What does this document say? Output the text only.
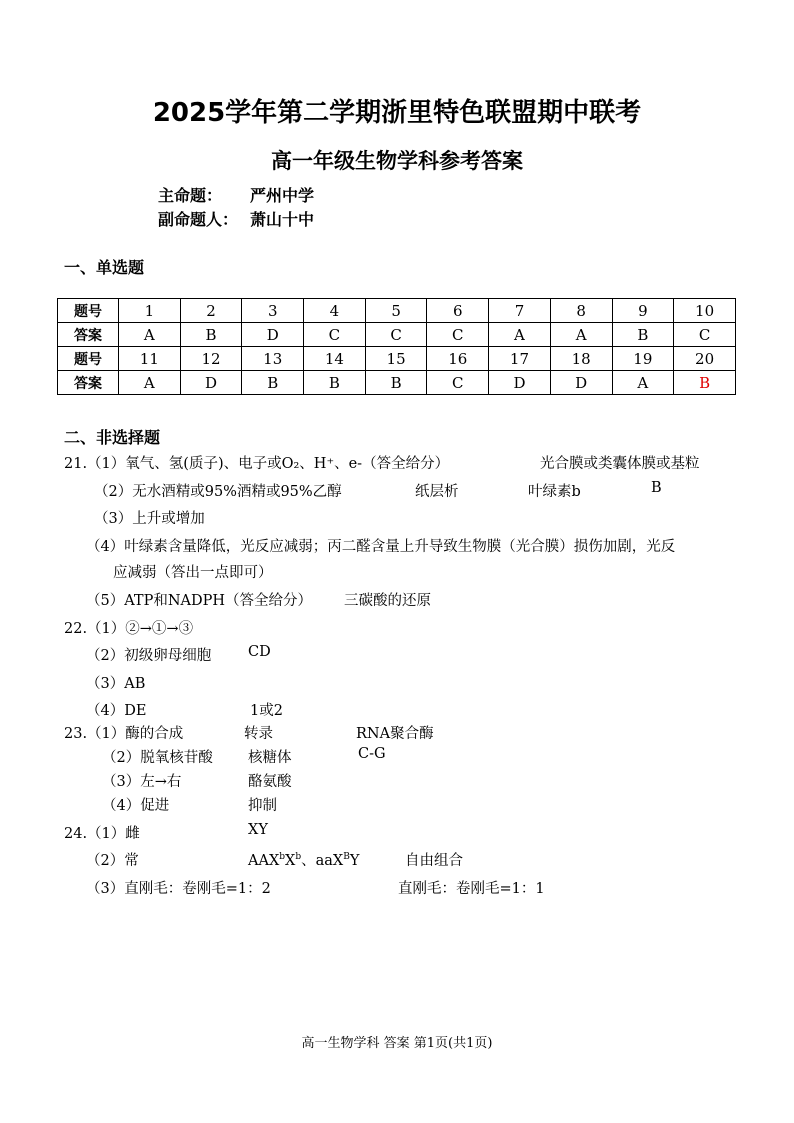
2025学年第二学期浙里特色联盟期中联考
高一年级生物学科参考答案
主命题： 严州中学
副命题人： 萧山十中
一、单选题
题号	1	2	3	4	5	6	7	8	9	10
答案	A	B	D	C	C	C	A	A	B	C
题号	11	12	13	14	15	16	17	18	19	20
答案	A	D	B	B	B	C	D	D	A	B
二、非选择题
21.（1）氧气、氢(质子)、电子或O₂、H⁺、e-（答全给分）	光合膜或类囊体膜或基粒
（2）无水酒精或95%酒精或95%乙醇	纸层析	叶绿素b	B
（3）上升或增加
（4）叶绿素含量降低，光反应减弱；丙二醛含量上升导致生物膜（光合膜）损伤加剧，光反
应减弱（答出一点即可）
（5）ATP和NADPH（答全给分） 三碳酸的还原
22.（1）②→①→③
（2）初级卵母细胞	CD
（3）AB
（4）DE	1或2
23.（1）酶的合成	转录	RNA聚合酶
（2）脱氧核苷酸 核糖体	C-G
（3）左→右	酪氨酸
（4）促进	抑制
24.（1）雌	XY
（2）常	$AAX^bX^b$、aaX$^B$Y	自由组合
（3）直刚毛：卷刚毛=1：2	直刚毛：卷刚毛=1：1
高一生物学科 答案 第1页(共1页)
